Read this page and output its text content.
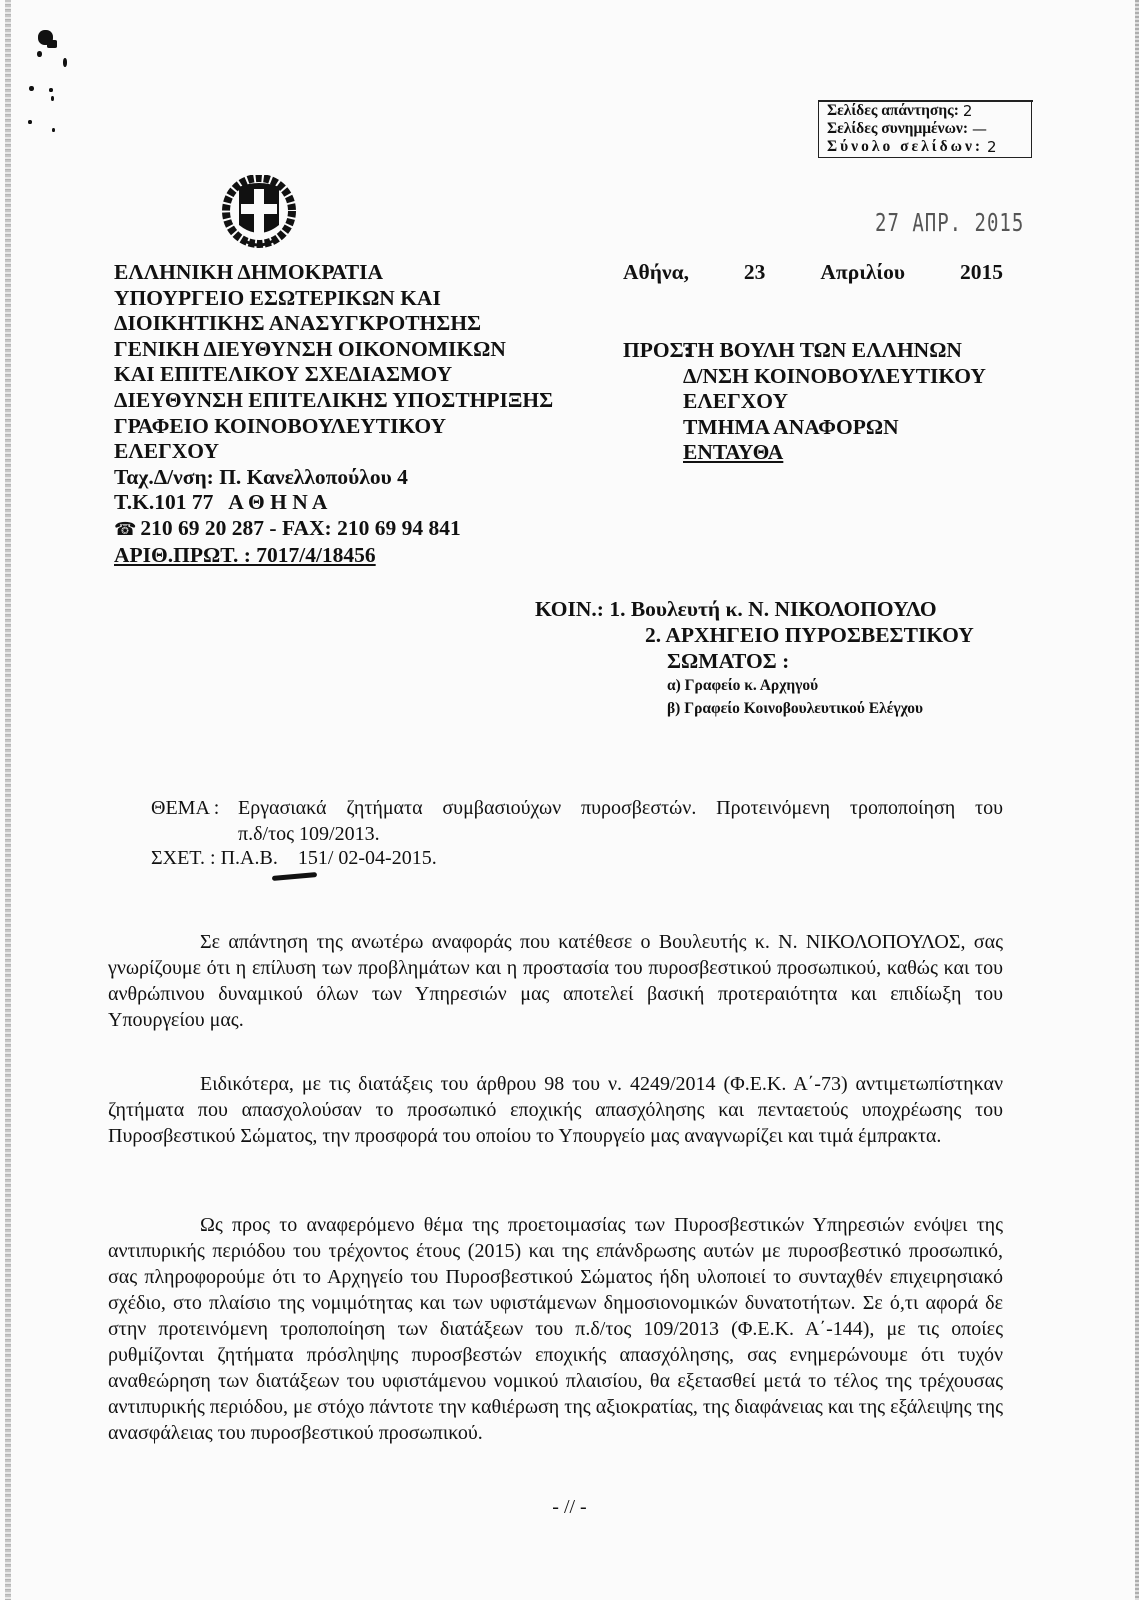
Σελίδες απάντησης: 2
Σελίδες συνημμένων: —
Σύνολο σελίδων: 2
27 ΑΠΡ. 2015
ΕΛΛΗΝΙΚΗ ΔΗΜΟΚΡΑΤΙΑ
ΥΠΟΥΡΓΕΙΟ ΕΣΩΤΕΡΙΚΩΝ ΚΑΙ
ΔΙΟΙΚΗΤΙΚΗΣ ΑΝΑΣΥΓΚΡΟΤΗΣΗΣ
ΓΕΝΙΚΗ ΔΙΕΥΘΥΝΣΗ ΟΙΚΟΝΟΜΙΚΩΝ
ΚΑΙ ΕΠΙΤΕΛΙΚΟΥ ΣΧΕΔΙΑΣΜΟΥ
ΔΙΕΥΘΥΝΣΗ ΕΠΙΤΕΛΙΚΗΣ ΥΠΟΣΤΗΡΙΞΗΣ
ΓΡΑΦΕΙΟ ΚΟΙΝΟΒΟΥΛΕΥΤΙΚΟΥ
ΕΛΕΓΧΟΥ
Ταχ.Δ/νση: Π. Κανελλοπούλου 4
Τ.Κ.101 77   Α Θ Η Ν Α
☎ 210 69 20 287 - FAX: 210 69 94 841
ΑΡΙΘ.ΠΡΩΤ. : 7017/4/18456
Αθήνα,	23	Απριλίου	2015
ΠΡΟΣ:ΤΗ ΒΟΥΛΗ ΤΩΝ ΕΛΛΗΝΩΝ
Δ/ΝΣΗ ΚΟΙΝΟΒΟΥΛΕΥΤΙΚΟΥ
ΕΛΕΓΧΟΥ
ΤΜΗΜΑ ΑΝΑΦΟΡΩΝ
ΕΝΤΑΥΘΑ
ΚΟΙΝ.: 1. Βουλευτή κ. Ν. ΝΙΚΟΛΟΠΟΥΛΟ
2. ΑΡΧΗΓΕΙΟ ΠΥΡΟΣΒΕΣΤΙΚΟΥ
ΣΩΜΑΤΟΣ :
α) Γραφείο κ. Αρχηγού
β) Γραφείο Κοινοβουλευτικού Ελέγχου
ΘΕΜΑ : Εργασιακά ζητήματα συμβασιούχων πυροσβεστών. Προτεινόμενη τροποποίηση του
π.δ/τος 109/2013.
ΣΧΕΤ. : Π.Α.Β.    151/ 02-04-2015.
Σε απάντηση της ανωτέρω αναφοράς που κατέθεσε ο Βουλευτής κ. Ν. ΝΙΚΟΛΟΠΟΥΛΟΣ, σας γνωρίζουμε ότι η επίλυση των προβλημάτων και η προστασία του πυροσβεστικού προσωπικού, καθώς και του ανθρώπινου δυναμικού όλων των Υπηρεσιών μας αποτελεί βασική προτεραιότητα και επιδίωξη του Υπουργείου μας.
Ειδικότερα, με τις διατάξεις του άρθρου 98 του ν. 4249/2014 (Φ.Ε.Κ. Α΄-73) αντιμετωπίστηκαν ζητήματα που απασχολούσαν το προσωπικό εποχικής απασχόλησης και πενταετούς υποχρέωσης του Πυροσβεστικού Σώματος, την προσφορά του οποίου το Υπουργείο μας αναγνωρίζει και τιμά έμπρακτα.
Ως προς το αναφερόμενο θέμα της προετοιμασίας των Πυροσβεστικών Υπηρεσιών ενόψει της αντιπυρικής περιόδου του τρέχοντος έτους (2015) και της επάνδρωσης αυτών με πυροσβεστικό προσωπικό, σας πληροφορούμε ότι το Αρχηγείο του Πυροσβεστικού Σώματος ήδη υλοποιεί το συνταχθέν επιχειρησιακό σχέδιο, στο πλαίσιο της νομιμότητας και των υφιστάμενων δημοσιονομικών δυνατοτήτων. Σε ό,τι αφορά δε στην προτεινόμενη τροποποίηση των διατάξεων του π.δ/τος 109/2013 (Φ.Ε.Κ. Α΄-144), με τις οποίες ρυθμίζονται ζητήματα πρόσληψης πυροσβεστών εποχικής απασχόλησης, σας ενημερώνουμε ότι τυχόν αναθεώρηση των διατάξεων του υφιστάμενου νομικού πλαισίου, θα εξετασθεί μετά το τέλος της τρέχουσας αντιπυρικής περιόδου, με στόχο πάντοτε την καθιέρωση της αξιοκρατίας, της διαφάνειας και της εξάλειψης της ανασφάλειας του πυροσβεστικού προσωπικού.
- // -
